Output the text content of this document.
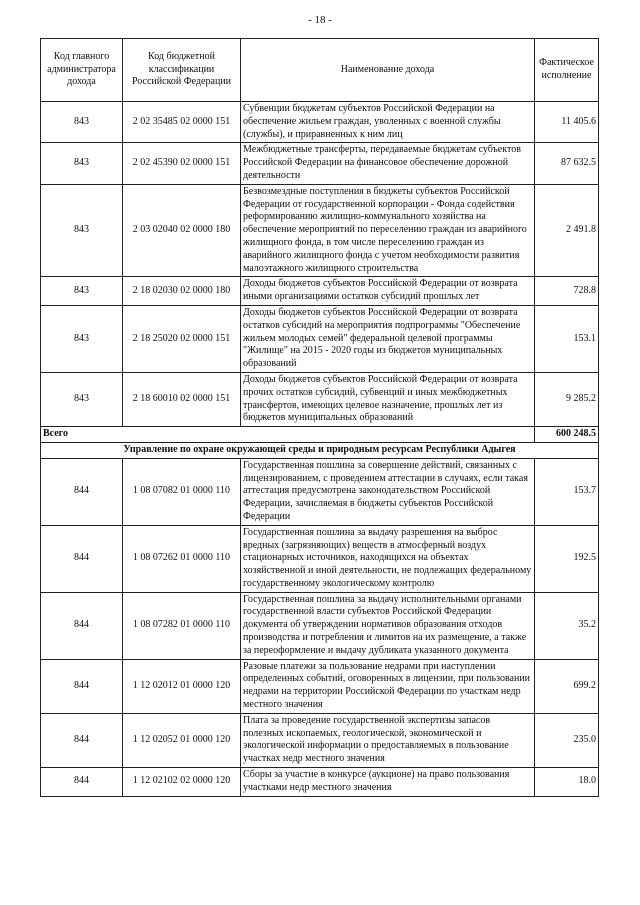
- 18 -
Код главного администратора дохода	Код бюджетной классификации Российской Федерации	Наименование дохода	Фактическое исполнение
843	2 02 35485 02 0000 151	Субвенции бюджетам субъектов Российской Федерации на обеспечение жильем граждан, уволенных с военной службы (службы), и приравненных к ним лиц	11 405.6
843	2 02 45390 02 0000 151	Межбюджетные трансферты, передаваемые бюджетам субъектов Российской Федерации на финансовое обеспечение дорожной деятельности	87 632.5
843	2 03 02040 02 0000 180	Безвозмездные поступления в бюджеты субъектов Российской Федерации от государственной корпорации - Фонда содействия реформированию жилищно-коммунального хозяйства на обеспечение мероприятий по переселению граждан из аварийного жилищного фонда, в том числе переселению граждан из аварийного жилищного фонда с учетом необходимости развития малоэтажного жилищного строительства	2 491.8
843	2 18 02030 02 0000 180	Доходы бюджетов субъектов Российской Федерации от возврата иными организациями остатков субсидий прошлых лет	728.8
843	2 18 25020 02 0000 151	Доходы бюджетов субъектов Российской Федерации от возврата остатков субсидий на мероприятия подпрограммы "Обеспечение жильем молодых семей" федеральной целевой программы "Жилище" на 2015 - 2020 годы из бюджетов муниципальных образований	153.1
843	2 18 60010 02 0000 151	Доходы бюджетов субъектов Российской Федерации от возврата прочих остатков субсидий, субвенций и иных межбюджетных трансфертов, имеющих целевое назначение, прошлых лет из бюджетов муниципальных образований	9 285.2
Всего			600 248.5
Управление по охране окружающей среды и природным ресурсам Республики Адыгея			
844	1 08 07082 01 0000 110	Государственная пошлина за совершение действий, связанных с лицензированием, с проведением аттестации в случаях, если такая аттестация предусмотрена законодательством Российской Федерации, зачисляемая в бюджеты субъектов Российской Федерации	153.7
844	1 08 07262 01 0000 110	Государственная пошлина за выдачу разрешения на выброс вредных (загрязняющих) веществ в атмосферный воздух стационарных источников, находящихся на объектах хозяйственной и иной деятельности, не подлежащих федеральному государственному экологическому контролю	192.5
844	1 08 07282 01 0000 110	Государственная пошлина за выдачу исполнительными органами государственной власти субъектов Российской Федерации документа об утверждении нормативов образования отходов производства и потребления и лимитов на их размещение, а также за переоформление и выдачу дубликата указанного документа	35.2
844	1 12 02012 01 0000 120	Разовые платежи за пользование недрами при наступлении определенных событий, оговоренных в лицензии, при пользовании недрами на территории Российской Федерации по участкам недр местного значения	699.2
844	1 12 02052 01 0000 120	Плата за проведение государственной экспертизы запасов полезных ископаемых, геологической, экономической и экологической информации о предоставляемых в пользование участках недр местного значения	235.0
844	1 12 02102 02 0000 120	Сборы за участие в конкурсе (аукционе) на право пользования участками недр местного значения	18.0
